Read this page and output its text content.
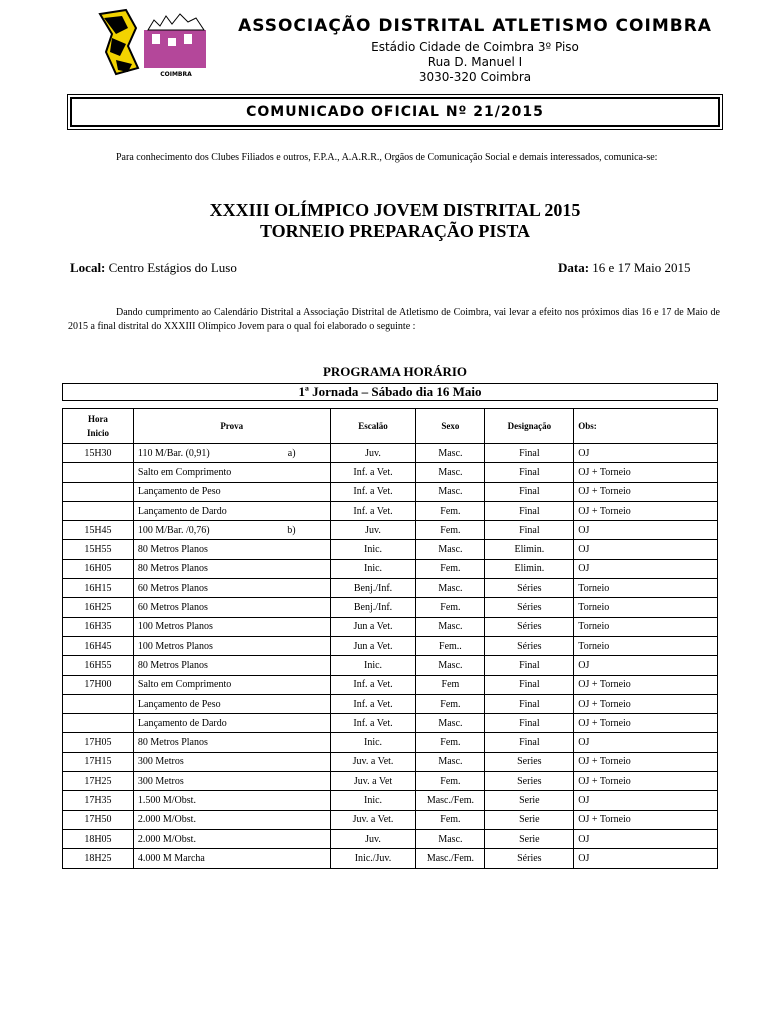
COIMBRA
ASSOCIAÇÃO DISTRITAL ATLETISMO COIMBRA
Estádio Cidade de Coimbra 3º Piso
Rua D. Manuel I
3030-320 Coimbra
COMUNICADO OFICIAL Nº 21/2015
Para conhecimento dos Clubes Filiados e outros, F.P.A., A.A.R.R., Orgãos de Comunicação Social e demais interessados, comunica-se:
XXXIII OLÍMPICO JOVEM DISTRITAL 2015
TORNEIO PREPARAÇÃO PISTA
Local: Centro Estágios do Luso	Data: 16 e 17 Maio 2015
Dando cumprimento ao Calendário Distrital a Associação Distrital de Atletismo de Coimbra, vai levar a efeito nos próximos dias 16 e 17 de Maio de 2015 a final distrital do XXXIII Olímpico Jovem para o qual foi elaborado o seguinte :
PROGRAMA HORÁRIO
1ª Jornada – Sábado dia 16 Maio
Hora
Inicio	Prova	Escalão	Sexo	Designação	Obs:
15H30	110 M/Bar. (0,91) a)	Juv.	Masc.	Final	OJ

	Salto em Comprimento	Inf. a Vet.	Masc.	Final	OJ + Torneio

	Lançamento de Peso	Inf. a Vet.	Masc.	Final	OJ + Torneio

	Lançamento de Dardo	Inf. a Vet.	Fem.	Final	OJ + Torneio
15H45	100 M/Bar. /0,76) b)	Juv.	Fem.	Final	OJ
15H55	80 Metros Planos	Inic.	Masc.	Elimin.	OJ
16H05	80 Metros Planos	Inic.	Fem.	Elimin.	OJ
16H15	60 Metros Planos	Benj./Inf.	Masc.	Séries	Torneio
16H25	60 Metros Planos	Benj./Inf.	Fem.	Séries	Torneio
16H35	100 Metros Planos	Jun a Vet.	Masc.	Séries	Torneio
16H45	100 Metros Planos	Jun a Vet.	Fem..	Séries	Torneio
16H55	80 Metros Planos	Inic.	Masc.	Final	OJ
17H00	Salto em Comprimento	Inf. a Vet.	Fem	Final	OJ + Torneio

	Lançamento de Peso	Inf. a Vet.	Fem.	Final	OJ + Torneio

	Lançamento de Dardo	Inf. a Vet.	Masc.	Final	OJ + Torneio
17H05	80 Metros Planos	Inic.	Fem.	Final	OJ
17H15	300 Metros	Juv. a Vet.	Masc.	Series	OJ + Torneio
17H25	300 Metros	Juv. a Vet	Fem.	Series	OJ + Torneio
17H35	1.500 M/Obst.	Inic.	Masc./Fem.	Serie	OJ
17H50	2.000 M/Obst.	Juv. a Vet.	Fem.	Serie	OJ + Torneio
18H05	2.000 M/Obst.	Juv.	Masc.	Serie	OJ
18H25	4.000 M Marcha	Inic./Juv.	Masc./Fem.	Séries	OJ
